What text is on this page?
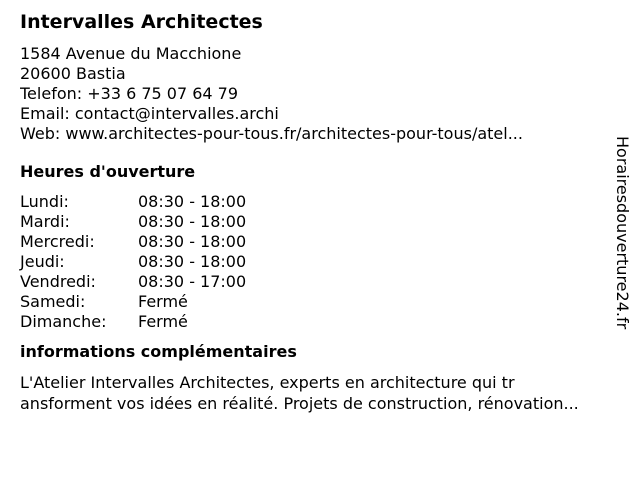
Intervalles Architectes
1584 Avenue du Macchione
20600 Bastia
Telefon: +33 6 75 07 64 79
Email: contact@intervalles.archi
Web: www.architectes-pour-tous.fr/architectes-pour-tous/atel...
Heures d'ouverture
Lundi:	08:30 - 18:00
Mardi:	08:30 - 18:00
Mercredi:	08:30 - 18:00
Jeudi:	08:30 - 18:00
Vendredi:	08:30 - 17:00
Samedi:	Fermé
Dimanche:	Fermé
informations complémentaires
L'Atelier Intervalles Architectes, experts en architecture qui tr
ansforment vos idées en réalité. Projets de construction, rénovation...
Horairesdouverture24.fr
